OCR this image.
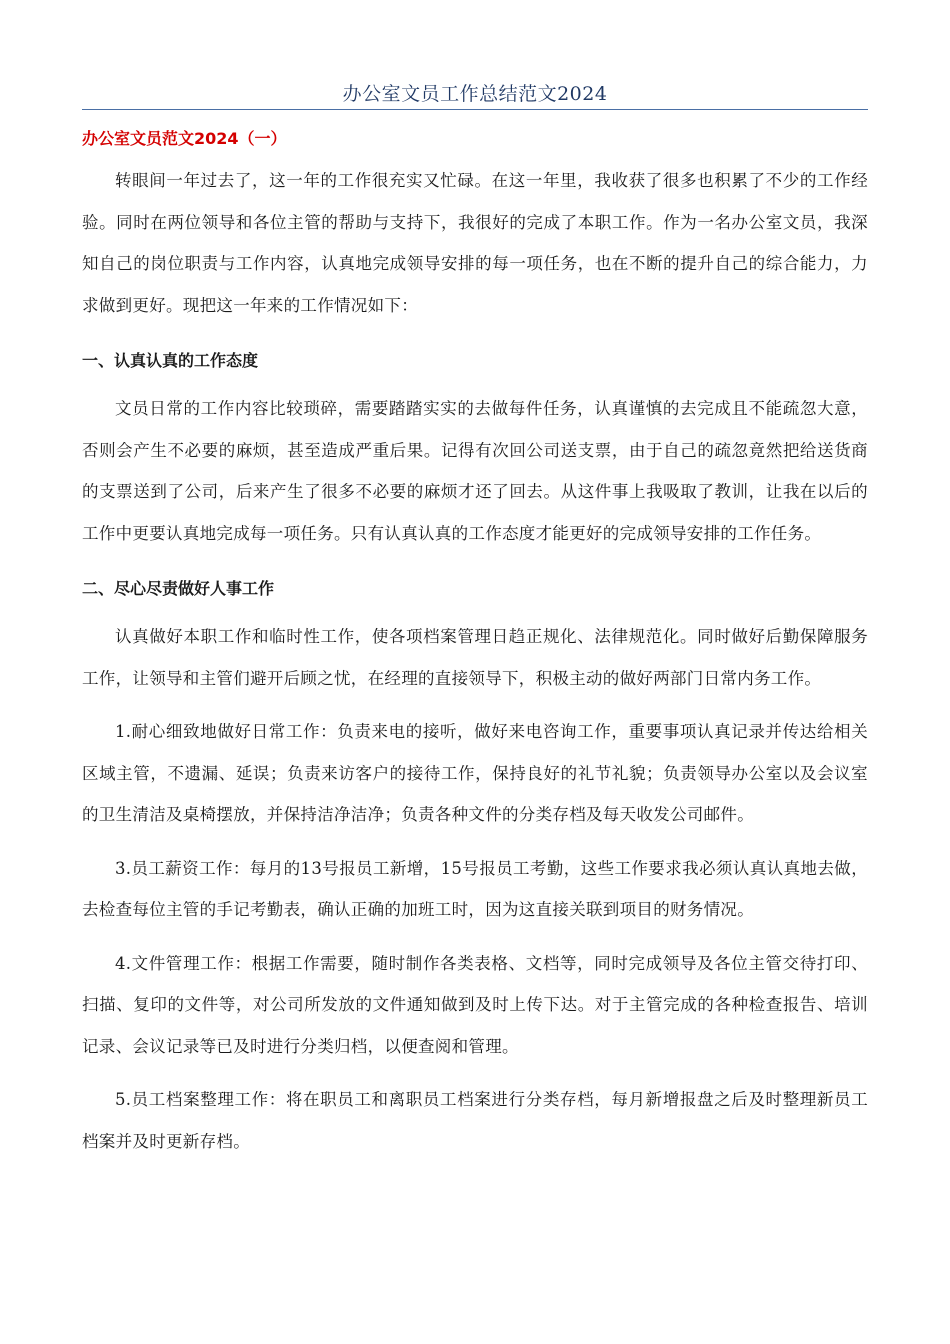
办公室文员工作总结范文2024
办公室文员范文2024（一）

转眼间一年过去了，这一年的工作很充实又忙碌。在这一年里，我收获了很多也积累了不少的工作经验。同时在两位领导和各位主管的帮助与支持下，我很好的完成了本职工作。作为一名办公室文员，我深知自己的岗位职责与工作内容，认真地完成领导安排的每一项任务，也在不断的提升自己的综合能力，力求做到更好。现把这一年来的工作情况如下：

一、认真认真的工作态度

文员日常的工作内容比较琐碎，需要踏踏实实的去做每件任务，认真谨慎的去完成且不能疏忽大意，否则会产生不必要的麻烦，甚至造成严重后果。记得有次回公司送支票，由于自己的疏忽竟然把给送货商的支票送到了公司，后来产生了很多不必要的麻烦才还了回去。从这件事上我吸取了教训，让我在以后的工作中更要认真地完成每一项任务。只有认真认真的工作态度才能更好的完成领导安排的工作任务。

二、尽心尽责做好人事工作

认真做好本职工作和临时性工作，使各项档案管理日趋正规化、法律规范化。同时做好后勤保障服务工作，让领导和主管们避开后顾之忧，在经理的直接领导下，积极主动的做好两部门日常内务工作。

1.耐心细致地做好日常工作：负责来电的接听，做好来电咨询工作，重要事项认真记录并传达给相关区域主管，不遗漏、延误；负责来访客户的接待工作，保持良好的礼节礼貌；负责领导办公室以及会议室的卫生清洁及桌椅摆放，并保持洁净洁净；负责各种文件的分类存档及每天收发公司邮件。

3.员工薪资工作：每月的13号报员工新增，15号报员工考勤，这些工作要求我必须认真认真地去做，去检查每位主管的手记考勤表，确认正确的加班工时，因为这直接关联到项目的财务情况。

4.文件管理工作：根据工作需要，随时制作各类表格、文档等，同时完成领导及各位主管交待打印、扫描、复印的文件等，对公司所发放的文件通知做到及时上传下达。对于主管完成的各种检查报告、培训记录、会议记录等已及时进行分类归档，以便查阅和管理。

5.员工档案整理工作：将在职员工和离职员工档案进行分类存档，每月新增报盘之后及时整理新员工档案并及时更新存档。
